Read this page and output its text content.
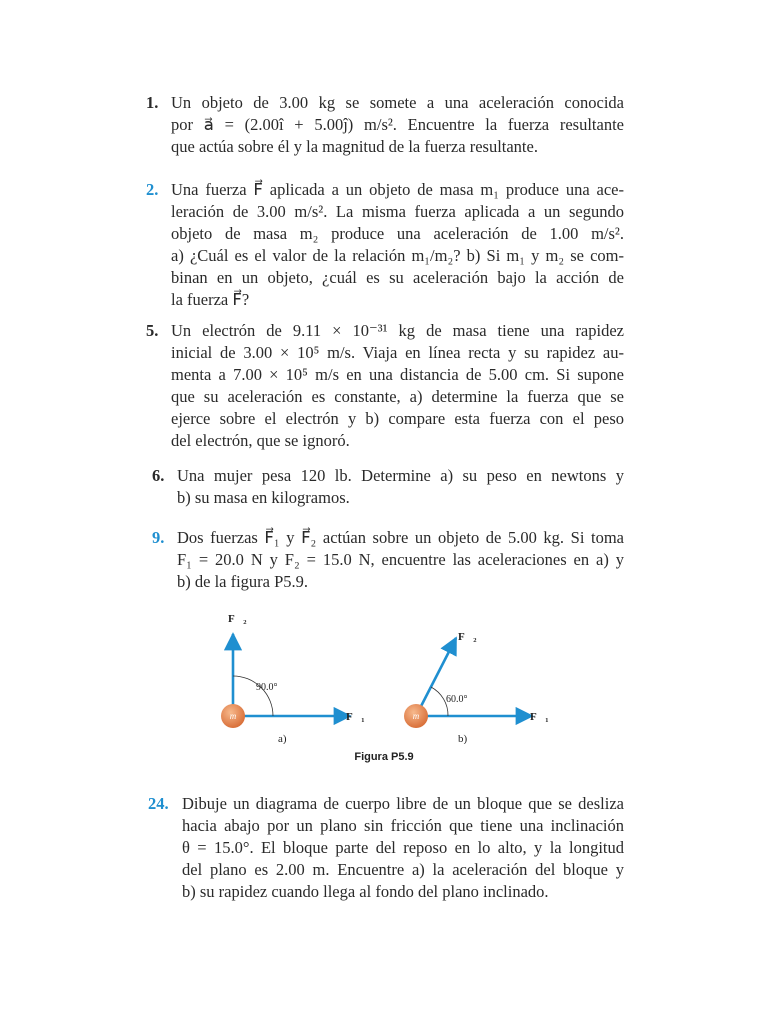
1. Un objeto de 3.00 kg se somete a una aceleración conocida
por a⃗ = (2.00î + 5.00ĵ) m/s². Encuentre la fuerza resultante
que actúa sobre él y la magnitud de la fuerza resultante.
2. Una fuerza F⃗ aplicada a un objeto de masa m₁ produce una ace-
leración de 3.00 m/s². La misma fuerza aplicada a un segundo
objeto de masa m₂ produce una aceleración de 1.00 m/s².
a) ¿Cuál es el valor de la relación m₁/m₂? b) Si m₁ y m₂ se com-
binan en un objeto, ¿cuál es su aceleración bajo la acción de
la fuerza F⃗?
5. Un electrón de 9.11 × 10⁻³¹ kg de masa tiene una rapidez
inicial de 3.00 × 10⁵ m/s. Viaja en línea recta y su rapidez au-
menta a 7.00 × 10⁵ m/s en una distancia de 5.00 cm. Si supone
que su aceleración es constante, a) determine la fuerza que se
ejerce sobre el electrón y b) compare esta fuerza con el peso
del electrón, que se ignoró.
6. Una mujer pesa 120 lb. Determine a) su peso en newtons y
b) su masa en kilogramos.
9. Dos fuerzas F⃗₁ y F⃗₂ actúan sobre un objeto de 5.00 kg. Si toma
F₁ = 20.0 N y F₂ = 15.0 N, encuentre las aceleraciones en a) y
b) de la figura P5.9.
m
90.0°
F⃗₂
F⃗₁
a)
m
60.0°
F⃗₂
F⃗₁
b)
Figura P5.9
24. Dibuje un diagrama de cuerpo libre de un bloque que se desliza
hacia abajo por un plano sin fricción que tiene una inclinación
θ = 15.0°. El bloque parte del reposo en lo alto, y la longitud
del plano es 2.00 m. Encuentre a) la aceleración del bloque y
b) su rapidez cuando llega al fondo del plano inclinado.
